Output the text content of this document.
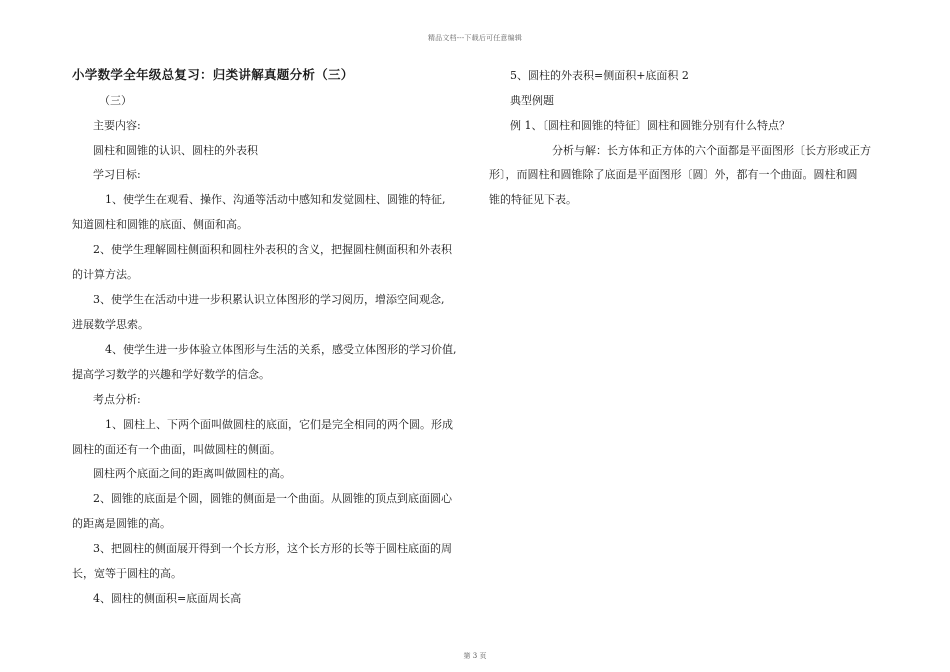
精品文档---下载后可任意编辑
小学数学全年级总复习：归类讲解真题分析（三）
（三）
主要内容:
圆柱和圆锥的认识、圆柱的外表积
学习目标:
1、使学生在观看、操作、沟通等活动中感知和发觉圆柱、圆锥的特征,
知道圆柱和圆锥的底面、侧面和高。
2、使学生理解圆柱侧面积和圆柱外表积的含义，把握圆柱侧面积和外表积
的计算方法。
3、使学生在活动中进一步积累认识立体图形的学习阅历，增添空间观念,
进展数学思索。
4、使学生进一步体验立体图形与生活的关系，感受立体图形的学习价值,
提高学习数学的兴趣和学好数学的信念。
考点分析:
1、圆柱上、下两个面叫做圆柱的底面，它们是完全相同的两个圆。形成
圆柱的面还有一个曲面，叫做圆柱的侧面。
圆柱两个底面之间的距离叫做圆柱的高。
2、圆锥的底面是个圆，圆锥的侧面是一个曲面。从圆锥的顶点到底面圆心
的距离是圆锥的高。
3、把圆柱的侧面展开得到一个长方形，这个长方形的长等于圆柱底面的周
长，宽等于圆柱的高。
4、圆柱的侧面积=底面周长高
5、圆柱的外表积=侧面积+底面积 2
典型例题
例 1、〔圆柱和圆锥的特征〕圆柱和圆锥分别有什么特点？
分析与解：长方体和正方体的六个面都是平面图形〔长方形或正方
形〕，而圆柱和圆锥除了底面是平面图形〔圆〕外，都有一个曲面。圆柱和圆
锥的特征见下表。
第 3 页
